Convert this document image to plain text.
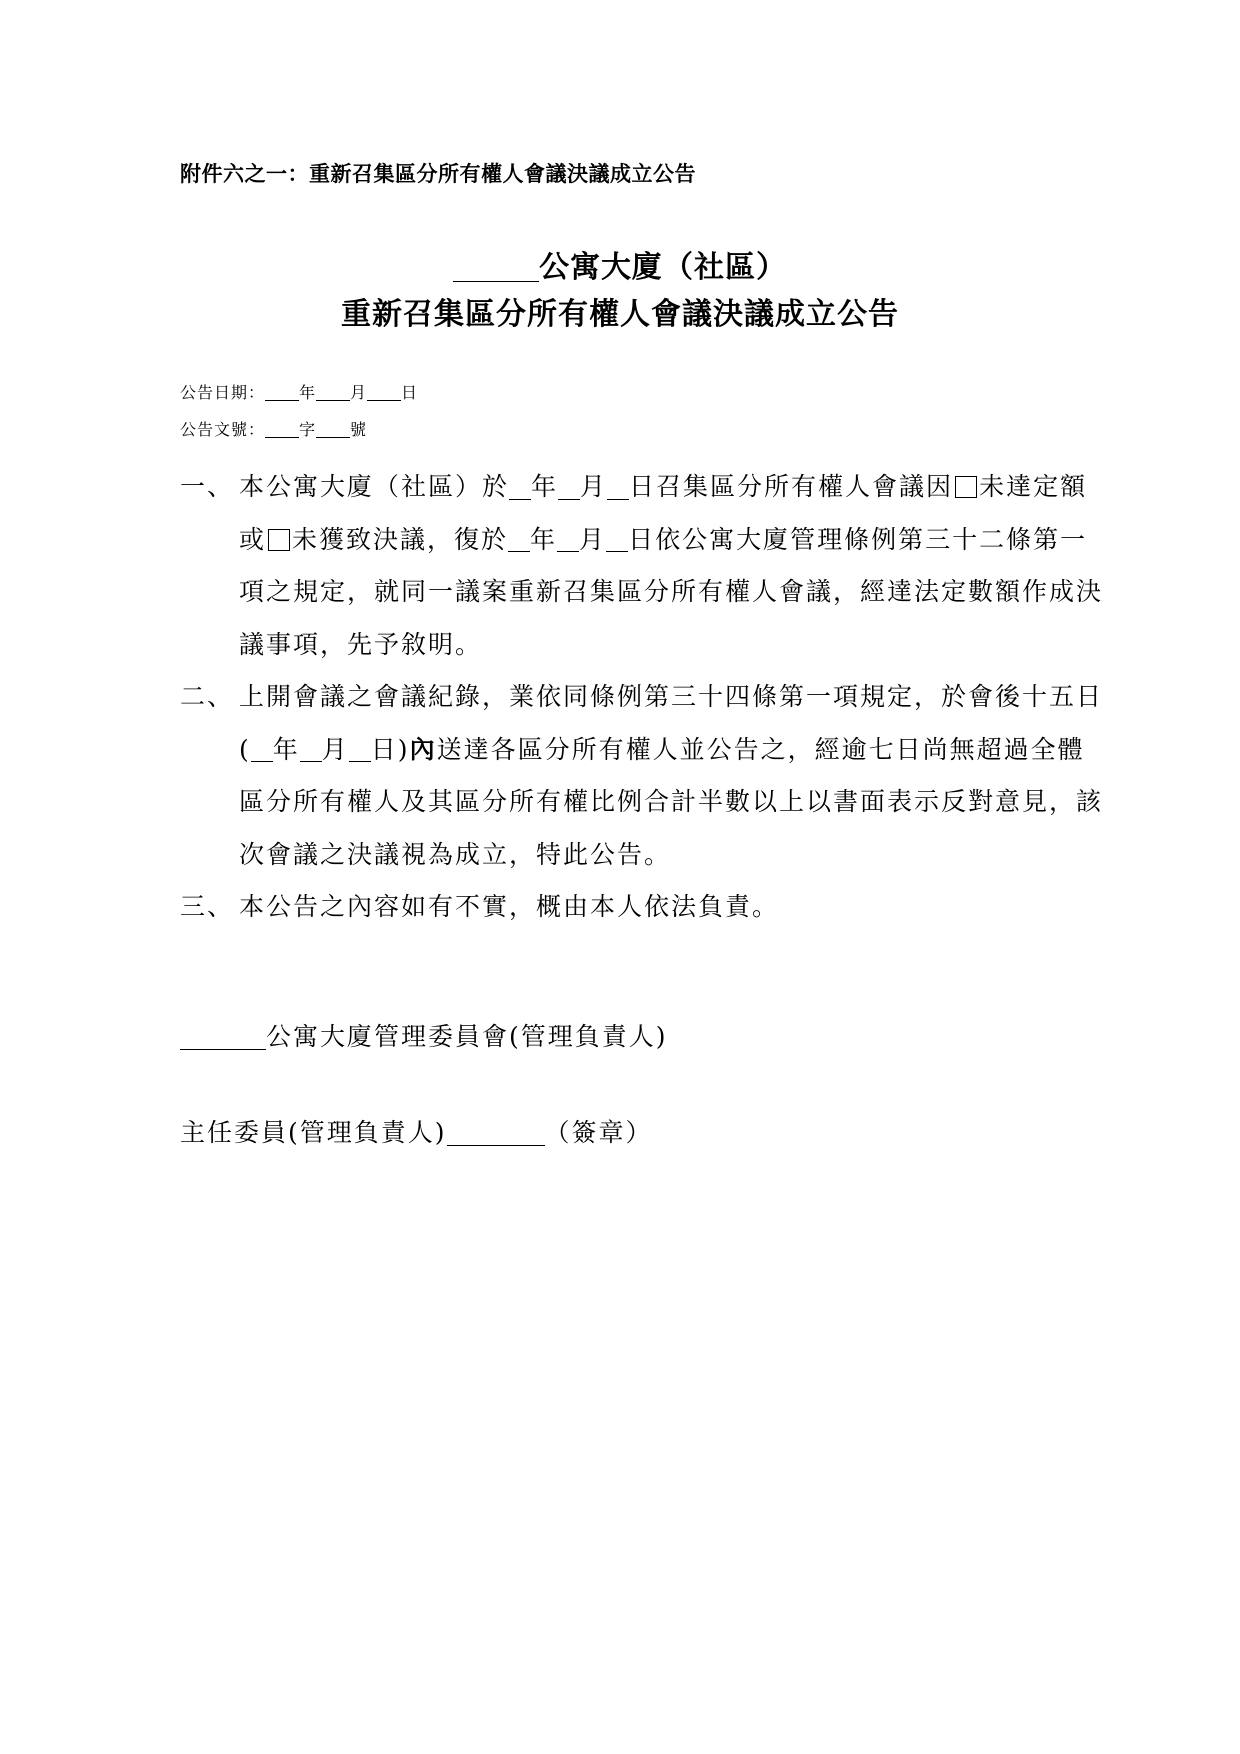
附件六之一：重新召集區分所有權人會議決議成立公告
公寓大廈（社區）
重新召集區分所有權人會議決議成立公告
公告日期： 年 月 日
公告文號： 字 號
一、 本公寓大廈（社區）於 年 月 日召集區分所有權人會議因 未達定額或 未獲致決議，復於 年 月 日依公寓大廈管理條例第三十二條第一項之規定，就同一議案重新召集區分所有權人會議，經達法定數額作成決議事項，先予敘明。
二、 上開會議之會議紀錄，業依同條例第三十四條第一項規定，於會後十五日( 年 月 日)內送達各區分所有權人並公告之，經逾七日尚無超過全體區分所有權人及其區分所有權比例合計半數以上以書面表示反對意見，該次會議之決議視為成立，特此公告。
三、 本公告之內容如有不實，概由本人依法負責。
公寓大廈管理委員會(管理負責人)
主任委員(管理負責人)	（簽章）
